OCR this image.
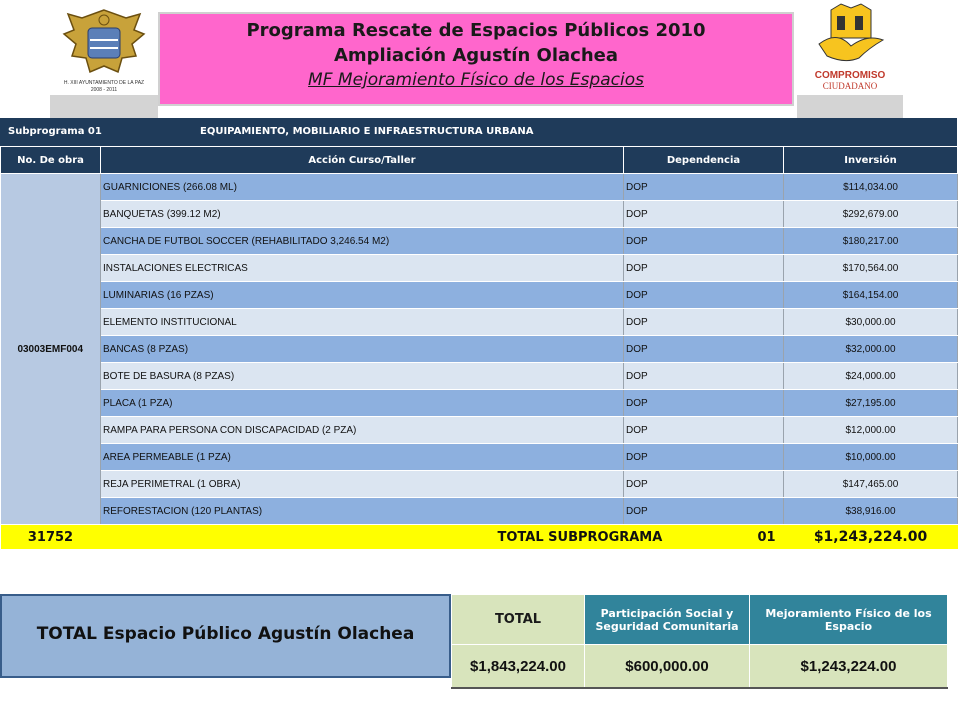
H. XIII AYUNTAMIENTO DE LA PAZ
2008 - 2011
Programa Rescate de Espacios Públicos 2010
Ampliación Agustín Olachea
MF Mejoramiento Físico de los Espacios	COMPROMISO
CIUDADANO
Subprograma 01	EQUIPAMIENTO, MOBILIARIO E INFRAESTRUCTURA URBANA
No. De obra	Acción Curso/Taller	Dependencia	Inversión
03003EMF004	GUARNICIONES (266.08 ML)	DOP	$114,034.00
	BANQUETAS (399.12 M2)	DOP	$292,679.00
	CANCHA DE FUTBOL SOCCER (REHABILITADO 3,246.54 M2)	DOP	$180,217.00
	INSTALACIONES ELECTRICAS	DOP	$170,564.00
	LUMINARIAS (16 PZAS)	DOP	$164,154.00
	ELEMENTO INSTITUCIONAL	DOP	$30,000.00
	BANCAS (8 PZAS)	DOP	$32,000.00
	BOTE DE BASURA (8 PZAS)	DOP	$24,000.00
	PLACA (1 PZA)	DOP	$27,195.00
	RAMPA PARA PERSONA CON DISCAPACIDAD (2 PZA)	DOP	$12,000.00
	AREA PERMEABLE (1 PZA)	DOP	$10,000.00
	REJA PERIMETRAL (1 OBRA)	DOP	$147,465.00
	REFORESTACION (120 PLANTAS)	DOP	$38,916.00
31752	TOTAL SUBPROGRAMA 01		$1,243,224.00
TOTAL Espacio Público Agustín Olachea
TOTAL	Participación Social y Seguridad Comunitaria	Mejoramiento Físico de los Espacio
$1,843,224.00	$600,000.00	$1,243,224.00
